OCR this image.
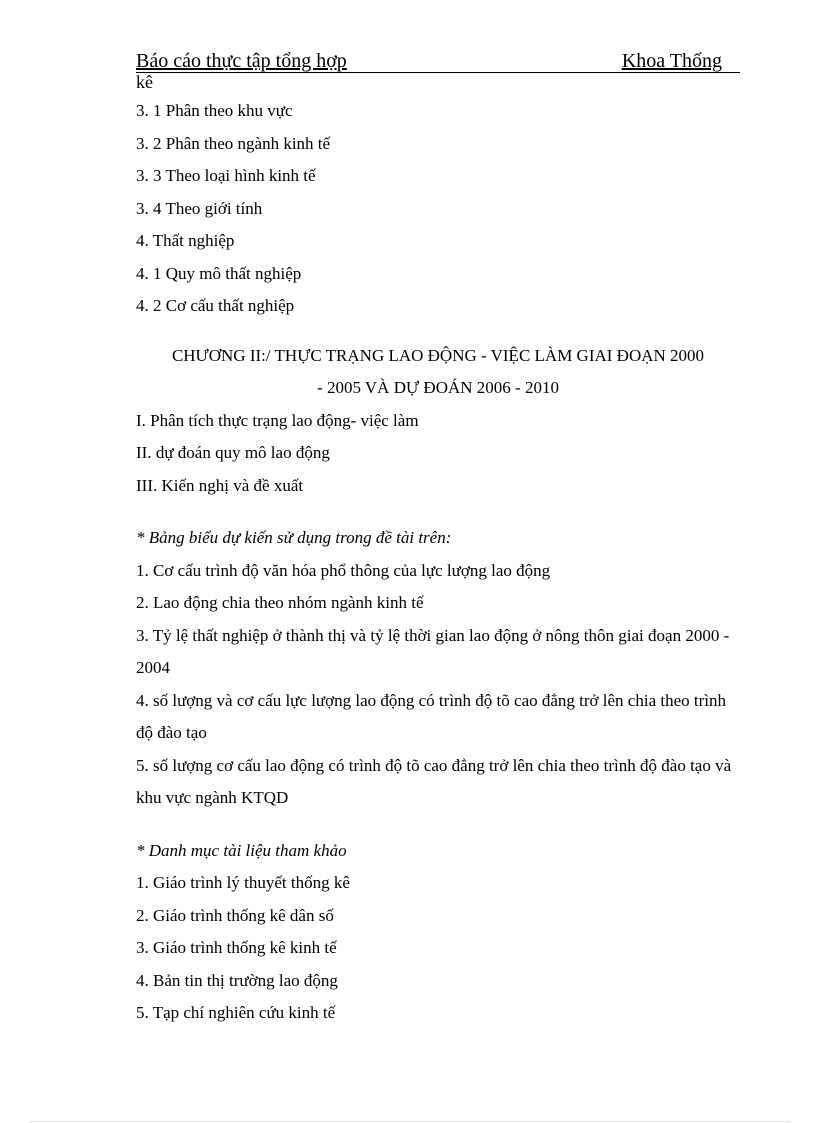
Báo cáo thực tập tổng hợp	Khoa Thống
kê
3. 1 Phân theo khu vực
3. 2 Phân theo ngành kinh tế
3. 3 Theo loại hình kinh tế
3. 4 Theo giới tính
4. Thất nghiệp
4. 1 Quy mô thất nghiệp
4. 2 Cơ cấu thất nghiệp
CHƯƠNG II:/ THỰC TRẠNG LAO ĐỘNG - VIỆC LÀM GIAI ĐOẠN 2000
- 2005 VÀ DỰ ĐOÁN 2006 - 2010
I. Phân tích thực trạng lao động- việc làm
II. dự đoán quy mô lao động
III. Kiến nghị và đề xuất
* Bảng biểu dự kiến sử dụng trong đề tài trên:
1. Cơ cấu trình độ văn hóa phổ thông của lực lượng lao động
2. Lao động chia theo nhóm ngành kinh tế
3. Tỷ lệ thất nghiệp ở thành thị và tỷ lệ thời gian lao động ở nông thôn giai đoạn 2000 - 2004
4. số lượng và cơ cấu lực lượng lao động có trình độ tõ cao đẳng trở lên chia theo trình độ đào tạo
5. số lượng cơ cấu lao động có trình độ tõ cao đẳng trở lên chia theo trình độ đào tạo và khu vực ngành KTQD
* Danh mục tài liệu tham khảo
1. Giáo trình lý thuyết thống kê
2. Giáo trình thống kê dân số
3. Giáo trình thống kê kinh tế
4. Bản tin thị trường lao động
5. Tạp chí nghiên cứu kinh tế
